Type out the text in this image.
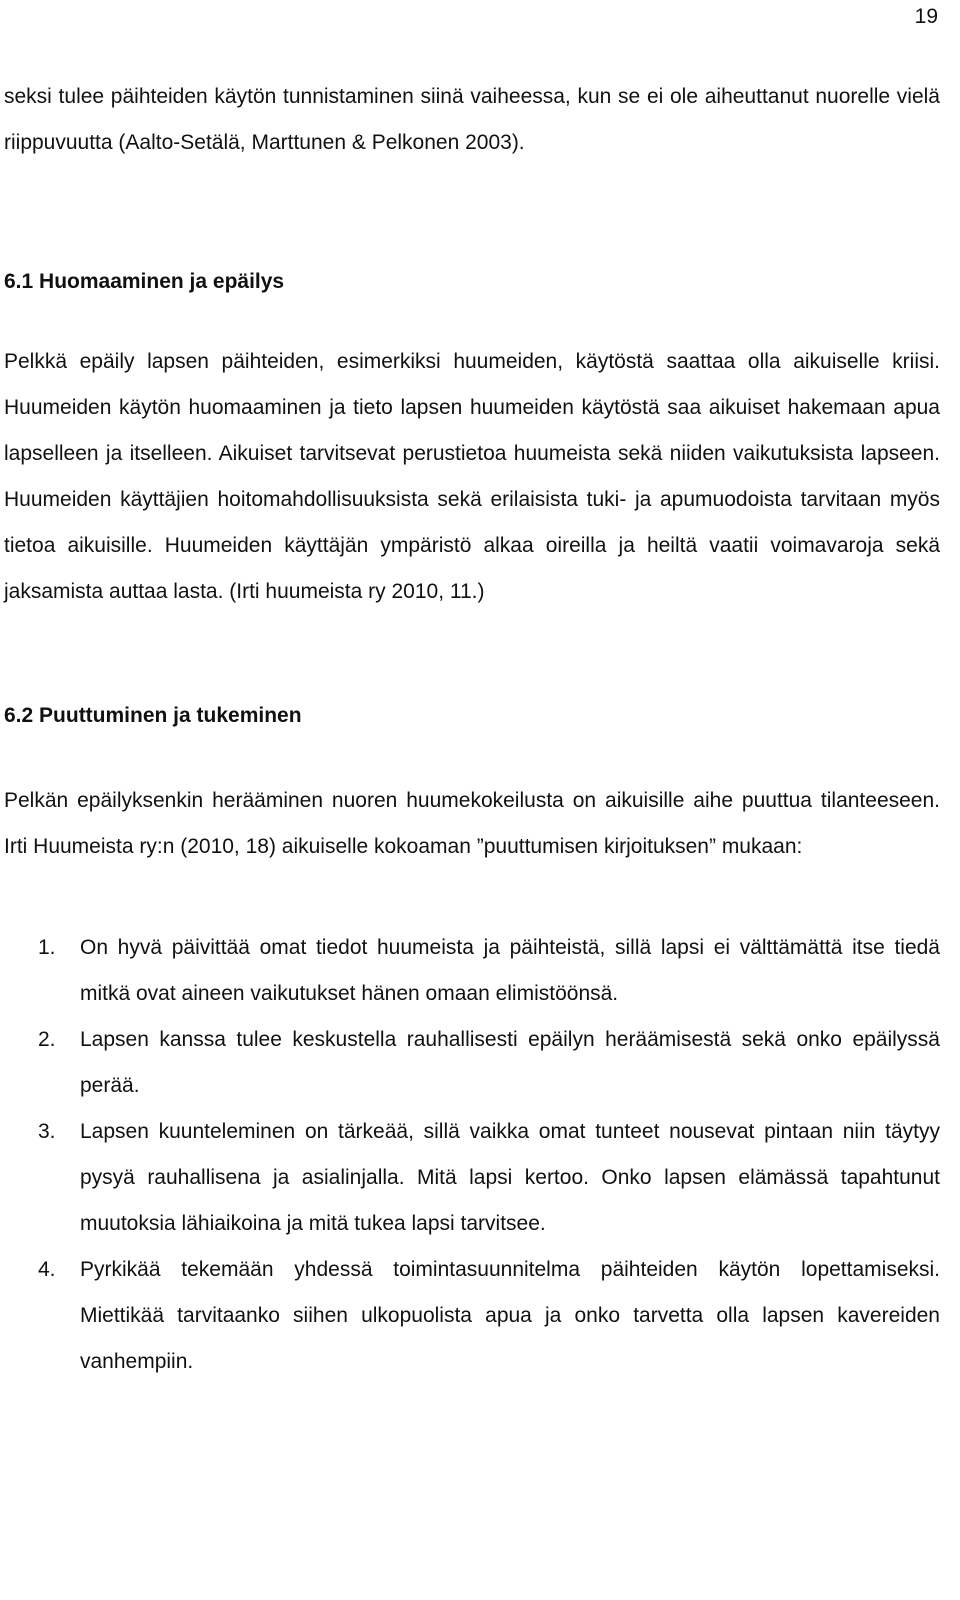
19

seksi tulee päihteiden käytön tunnistaminen siinä vaiheessa, kun se ei ole aiheuttanut nuorelle vielä riippuvuutta (Aalto-Setälä, Marttunen & Pelkonen 2003).

6.1 Huomaaminen ja epäilys

Pelkkä epäily lapsen päihteiden, esimerkiksi huumeiden, käytöstä saattaa olla aikuiselle kriisi. Huumeiden käytön huomaaminen ja tieto lapsen huumeiden käytöstä saa aikuiset hakemaan apua lapselleen ja itselleen. Aikuiset tarvitsevat perustietoa huumeista sekä niiden vaikutuksista lapseen. Huumeiden käyttäjien hoitomahdollisuuksista sekä erilaisista tuki- ja apumuodoista tarvitaan myös tietoa aikuisille. Huumeiden käyttäjän ympäristö alkaa oireilla ja heiltä vaatii voimavaroja sekä jaksamista auttaa lasta. (Irti huumeista ry 2010, 11.)

6.2 Puuttuminen ja tukeminen

Pelkän epäilyksenkin herääminen nuoren huumekokeilusta on aikuisille aihe puuttua tilanteeseen. Irti Huumeista ry:n (2010, 18) aikuiselle kokoaman ”puuttumisen kirjoituksen” mukaan:

1.	On hyvä päivittää omat tiedot huumeista ja päihteistä, sillä lapsi ei välttämättä itse tiedä mitkä ovat aineen vaikutukset hänen omaan elimistöönsä.
2.	Lapsen kanssa tulee keskustella rauhallisesti epäilyn heräämisestä sekä onko epäilyssä perää.
3.	Lapsen kuunteleminen on tärkeää, sillä vaikka omat tunteet nousevat pintaan niin täytyy pysyä rauhallisena ja asialinjalla. Mitä lapsi kertoo. Onko lapsen elämässä tapahtunut muutoksia lähiaikoina ja mitä tukea lapsi tarvitsee.
4.	Pyrkikää tekemään yhdessä toimintasuunnitelma päihteiden käytön lopettamiseksi. Miettikää tarvitaanko siihen ulkopuolista apua ja onko tarvetta olla lapsen kavereiden vanhempiin.
